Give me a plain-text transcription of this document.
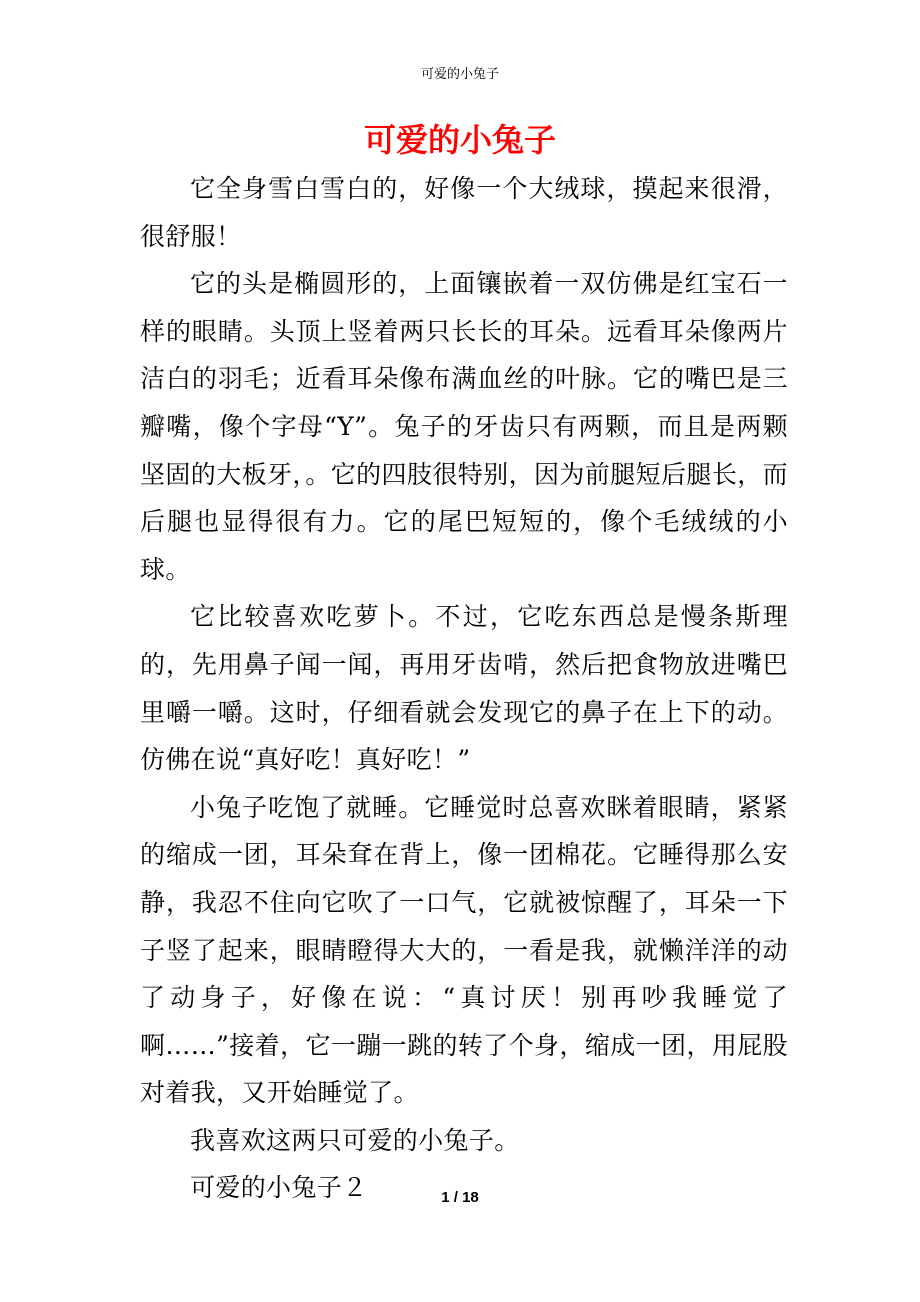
可爱的小兔子
可爱的小兔子

它全身雪白雪白的，好像一个大绒球，摸起来很滑，很舒服！

它的头是椭圆形的，上面镶嵌着一双仿佛是红宝石一样的眼睛。头顶上竖着两只长长的耳朵。远看耳朵像两片洁白的羽毛；近看耳朵像布满血丝的叶脉。它的嘴巴是三瓣嘴，像个字母“Y”。兔子的牙齿只有两颗，而且是两颗坚固的大板牙，。它的四肢很特别，因为前腿短后腿长，而后腿也显得很有力。它的尾巴短短的，像个毛绒绒的小球。

它比较喜欢吃萝卜。不过，它吃东西总是慢条斯理的，先用鼻子闻一闻，再用牙齿啃，然后把食物放进嘴巴里嚼一嚼。这时，仔细看就会发现它的鼻子在上下的动。仿佛在说“真好吃！真好吃！”

小兔子吃饱了就睡。它睡觉时总喜欢眯着眼睛，紧紧的缩成一团，耳朵耷在背上，像一团棉花。它睡得那么安静，我忍不住向它吹了一口气，它就被惊醒了，耳朵一下子竖了起来，眼睛瞪得大大的，一看是我，就懒洋洋的动了动身子，好像在说：“真讨厌！别再吵我睡觉了啊……”接着，它一蹦一跳的转了个身，缩成一团，用屁股对着我，又开始睡觉了。

我喜欢这两只可爱的小兔子。

可爱的小兔子２	1 / 18
